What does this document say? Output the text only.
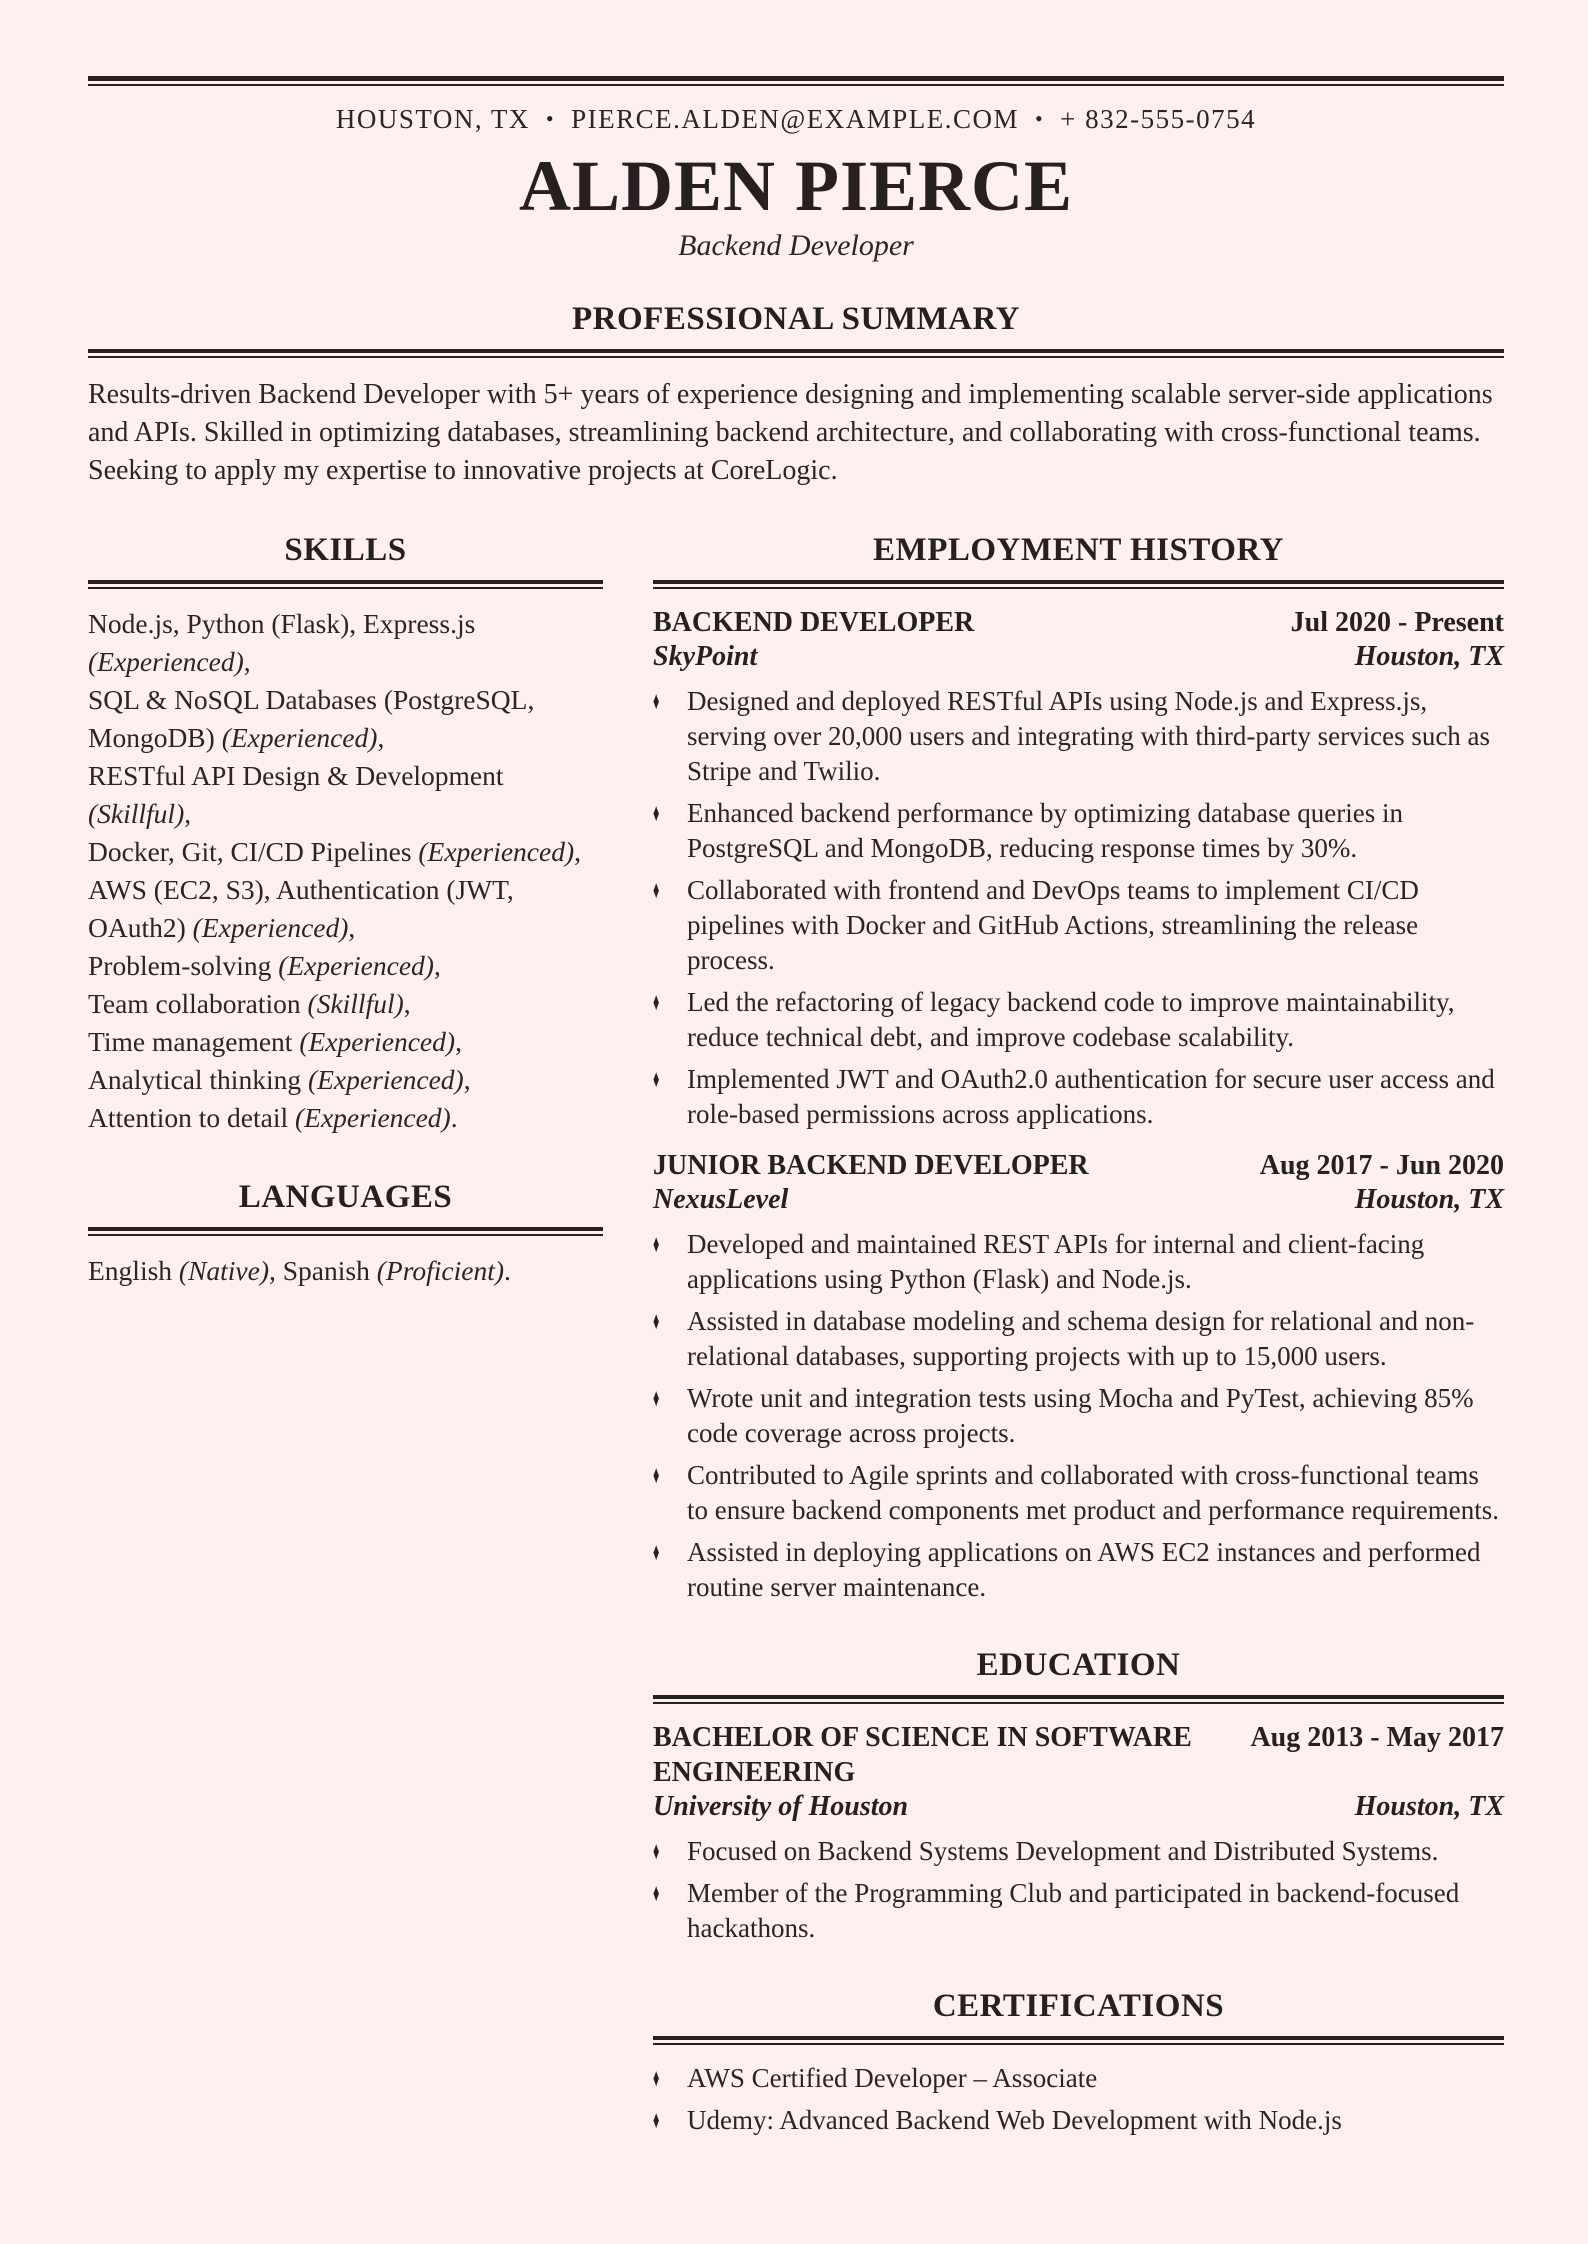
HOUSTON, TX • PIERCE.ALDEN@EXAMPLE.COM • + 832-555-0754
ALDEN PIERCE
Backend Developer
PROFESSIONAL SUMMARY

Results-driven Backend Developer with 5+ years of experience designing and implementing scalable server-side applications and APIs. Skilled in optimizing databases, streamlining backend architecture, and collaborating with cross-functional teams. Seeking to apply my expertise to innovative projects at CoreLogic.

SKILLS
Node.js, Python (Flask), Express.js (Experienced),
SQL & NoSQL Databases (PostgreSQL, MongoDB) (Experienced),
RESTful API Design & Development (Skillful),
Docker, Git, CI/CD Pipelines (Experienced),
AWS (EC2, S3), Authentication (JWT, OAuth2) (Experienced),
Problem-solving (Experienced),
Team collaboration (Skillful),
Time management (Experienced),
Analytical thinking (Experienced),
Attention to detail (Experienced).
LANGUAGES

English (Native), Spanish (Proficient).

EMPLOYMENT HISTORY
BACKEND DEVELOPER	Jul 2020 - Present
SkyPoint	Houston, TX
♦	Designed and deployed RESTful APIs using Node.js and Express.js, serving over 20,000 users and integrating with third-party services such as Stripe and Twilio.
♦	Enhanced backend performance by optimizing database queries in PostgreSQL and MongoDB, reducing response times by 30%.
♦	Collaborated with frontend and DevOps teams to implement CI/CD pipelines with Docker and GitHub Actions, streamlining the release process.
♦	Led the refactoring of legacy backend code to improve maintainability, reduce technical debt, and improve codebase scalability.
♦	Implemented JWT and OAuth2.0 authentication for secure user access and role-based permissions across applications.
JUNIOR BACKEND DEVELOPER	Aug 2017 - Jun 2020
NexusLevel	Houston, TX
♦	Developed and maintained REST APIs for internal and client-facing applications using Python (Flask) and Node.js.
♦	Assisted in database modeling and schema design for relational and non-relational databases, supporting projects with up to 15,000 users.
♦	Wrote unit and integration tests using Mocha and PyTest, achieving 85% code coverage across projects.
♦	Contributed to Agile sprints and collaborated with cross-functional teams to ensure backend components met product and performance requirements.
♦	Assisted in deploying applications on AWS EC2 instances and performed routine server maintenance.
EDUCATION
BACHELOR OF SCIENCE IN SOFTWARE ENGINEERING
Aug 2013 - May 2017
University of Houston	Houston, TX
♦	Focused on Backend Systems Development and Distributed Systems.
♦	Member of the Programming Club and participated in backend-focused hackathons.
CERTIFICATIONS
♦	AWS Certified Developer – Associate
♦	Udemy: Advanced Backend Web Development with Node.js
